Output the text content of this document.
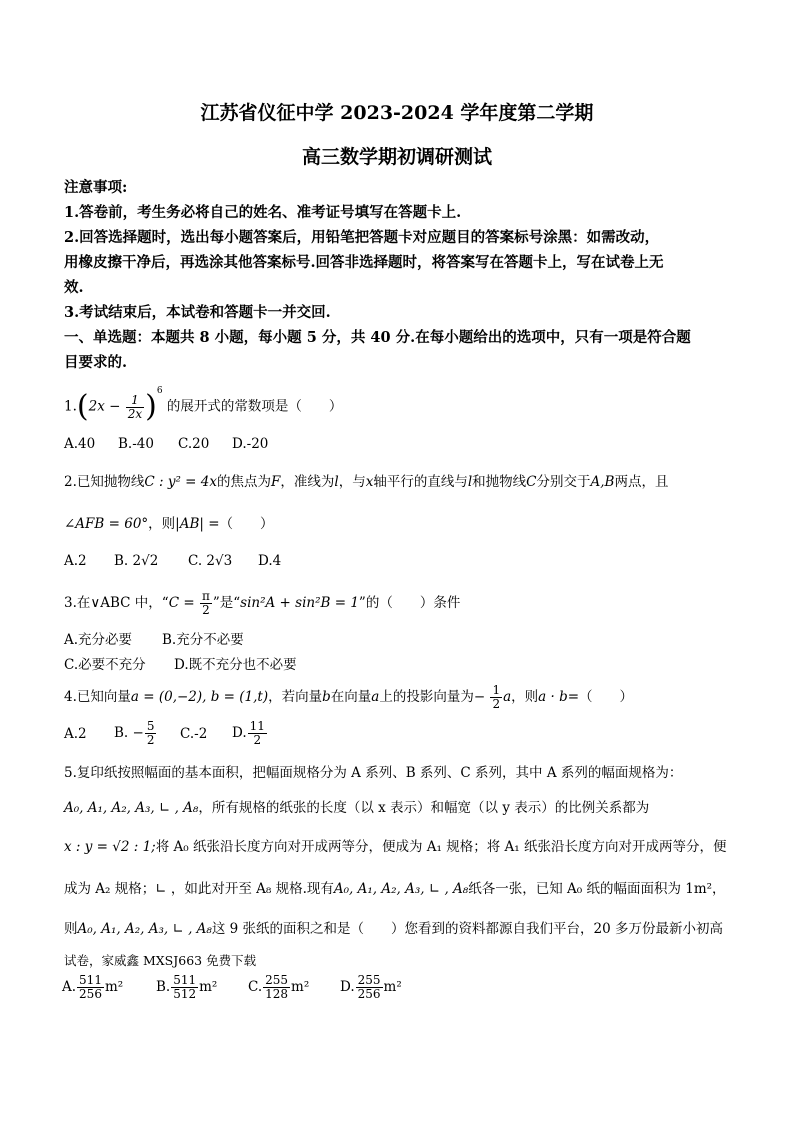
江苏省仪征中学 2023-2024 学年度第二学期
高三数学期初调研测试
注意事项:
1.答卷前，考生务必将自己的姓名、准考证号填写在答题卡上.
2.回答选择题时，选出每小题答案后，用铅笔把答题卡对应题目的答案标号涂黑：如需改动，
用橡皮擦干净后，再选涂其他答案标号.回答非选择题时，将答案写在答题卡上，写在试卷上无
效.
3.考试结束后，本试卷和答题卡一并交回.
一、单选题：本题共 8 小题，每小题 5 分，共 40 分.在每小题给出的选项中，只有一项是符合题
目要求的.
$1.(2x - \frac{1}{2x} )^6$ 的展开式的常数项是（　　）
A.40 B.-40 C.20 D.-20
2.已知抛物线C : y² = 4x的焦点为F，准线为l，与x轴平行的直线与l和抛物线C分别交于A,B两点，且
∠AFB = 60°，则|AB| =（　　）
A.2 B. 2√2 C. 2√3 D.4
3.在∨ABC 中，“$C = \frac{\pi}{2}$ ”是“sin²A + sin²B = 1”的（　　）条件
A.充分必要 B.充分不必要
C.必要不充分 D.既不充分也不必要
4.已知向量a = (0,−2), b = (1,t)，若向量b在向量a上的投影向量为− $\frac{1}{2}$ a，则a · b=（　　）
A.2 B. − $\frac{5}{2} C.-2$ D. $\frac{11}{2}$
5.复印纸按照幅面的基本面积，把幅面规格分为 A 系列、B 系列、C 系列，其中 A 系列的幅面规格为：
A₀, A₁, A₂, A₃, ∟ , A₈，所有规格的纸张的长度（以 x 表示）和幅宽（以 y 表示）的比例关系都为
x : y = √2 : 1;将 A₀ 纸张沿长度方向对开成两等分，便成为 A₁ 规格；将 A₁ 纸张沿长度方向对开成两等分，便
成为 A₂ 规格；∟ ，如此对开至 A₈ 规格.现有A₀, A₁, A₂, A₃, ∟ , A₈纸各一张，已知 A₀ 纸的幅面面积为 1m²，
则A₀, A₁, A₂, A₃, ∟ , A₈这 9 张纸的面积之和是（　　）您看到的资料都源自我们平台，20 多万份最新小初高
试卷，家威鑫 MXSJ663 免费下载
A. $\frac{511}{256} m^2$ B. $\frac{511}{512} m^2$ C. $\frac{255}{128} m^2$ D. $\frac{255}{256} m^2$
